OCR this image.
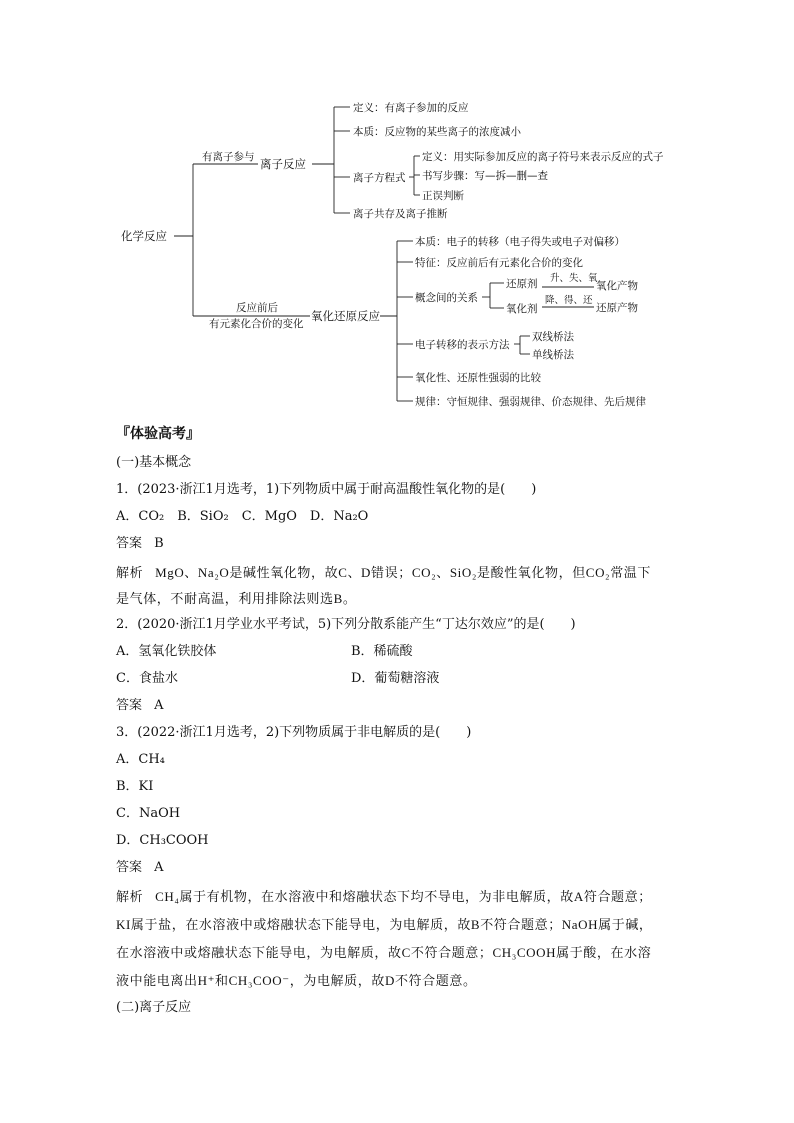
化学反应
有离子参与 离子反应
定义：有离子参加的反应
本质：反应物的某些离子的浓度减小
离子方程式
定义：用实际参加反应的离子符号来表示反应的式子
书写步骤：写—拆—删—查
正误判断
离子共存及离子推断
反应前后
有元素化合价的变化
氧化还原反应
本质：电子的转移（电子得失或电子对偏移）
特征：反应前后有元素化合价的变化
概念间的关系
还原剂 升、失、氧
氧化产物
氧化剂
降、得、还
还原产物
电子转移的表示方法
双线桥法
单线桥法
氧化性、还原性强弱的比较
规律：守恒规律、强弱规律、价态规律、先后规律
『体验高考』
(一)基本概念
1．(2023·浙江1月选考，1)下列物质中属于耐高温酸性氧化物的是(　　)
A．CO₂　B．SiO₂　C．MgO　D．Na₂O
答案 B
解析 MgO、Na₂O是碱性氧化物，故C、D错误；CO₂、SiO₂是酸性氧化物，但CO₂常温下
是气体，不耐高温，利用排除法则选B。
2．(2020·浙江1月学业水平考试，5)下列分散系能产生“丁达尔效应”的是(　　)
A．氢氧化铁胶体	B．稀硫酸
C．食盐水	D．葡萄糖溶液
答案 A
3．(2022·浙江1月选考，2)下列物质属于非电解质的是(　　)
A．CH₄
B．KI
C．NaOH
D．CH₃COOH
答案 A
解析 CH₄属于有机物，在水溶液中和熔融状态下均不导电，为非电解质，故A符合题意；
KI属于盐，在水溶液中或熔融状态下能导电，为电解质，故B不符合题意；NaOH属于碱，
在水溶液中或熔融状态下能导电，为电解质，故C不符合题意；CH₃COOH属于酸，在水溶
液中能电离出H⁺和CH₃COO⁻，为电解质，故D不符合题意。
(二)离子反应
